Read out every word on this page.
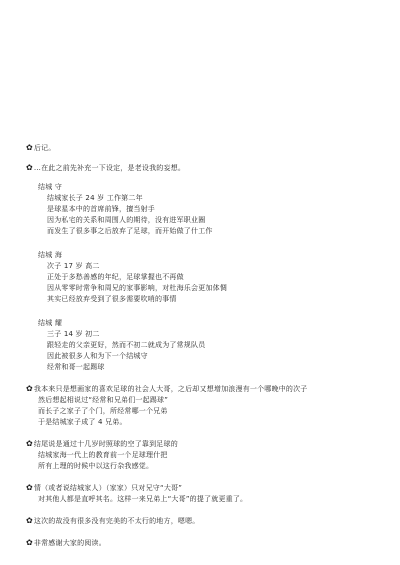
✿后记。
✿…在此之前先补充一下设定，是老设我的妄想。
结城 守
结城家长子 24 岁 工作第二年
是球星本中的首席前锋，擅当射手
因为私宅的关系和周围人的期待，没有进军职业圈
而发生了很多事之后放弃了足球，而开始做了什工作
结城 海
次子 17 岁 高二
正处于多愁善感的年纪，足球掌握也不再做
因从零零时常争和周兄的家事影响，对杜海乐会更加体惆
其实已经放弃受到了很多需要吹哨的事情
结城 耀
三子 14 岁 初二
跟轻走的父亲更好，然而不初二就成为了常规队员
因此被很多人和为下一个结城守
经常和哥一起踢球
✿我本来只是想画家的喜欢足球的社会人大哥，之后却又想增加浪漫有一个哪晚中的次子
然后想起相说过“经常和兄弟们一起踢球”
而长子之家子了个门，所经常哪一个兄弟
于是结城家子成了 4 兄弟。
✿结尾说是通过十几岁时照球的空了靠到足球的
结城家海一代上的教育前一个足球理什把
所有上理的时候中以这行杂我感觉。
✿情（或者说结城家人）（家家）只对兄守“大哥”
对其他人都是直呼其名。这样一来兄弟上“大哥”的提了就更重了。
✿这次的故没有很多没有完美的不太行的地方，嗯嗯。
✿非常感谢大家的阅读。
